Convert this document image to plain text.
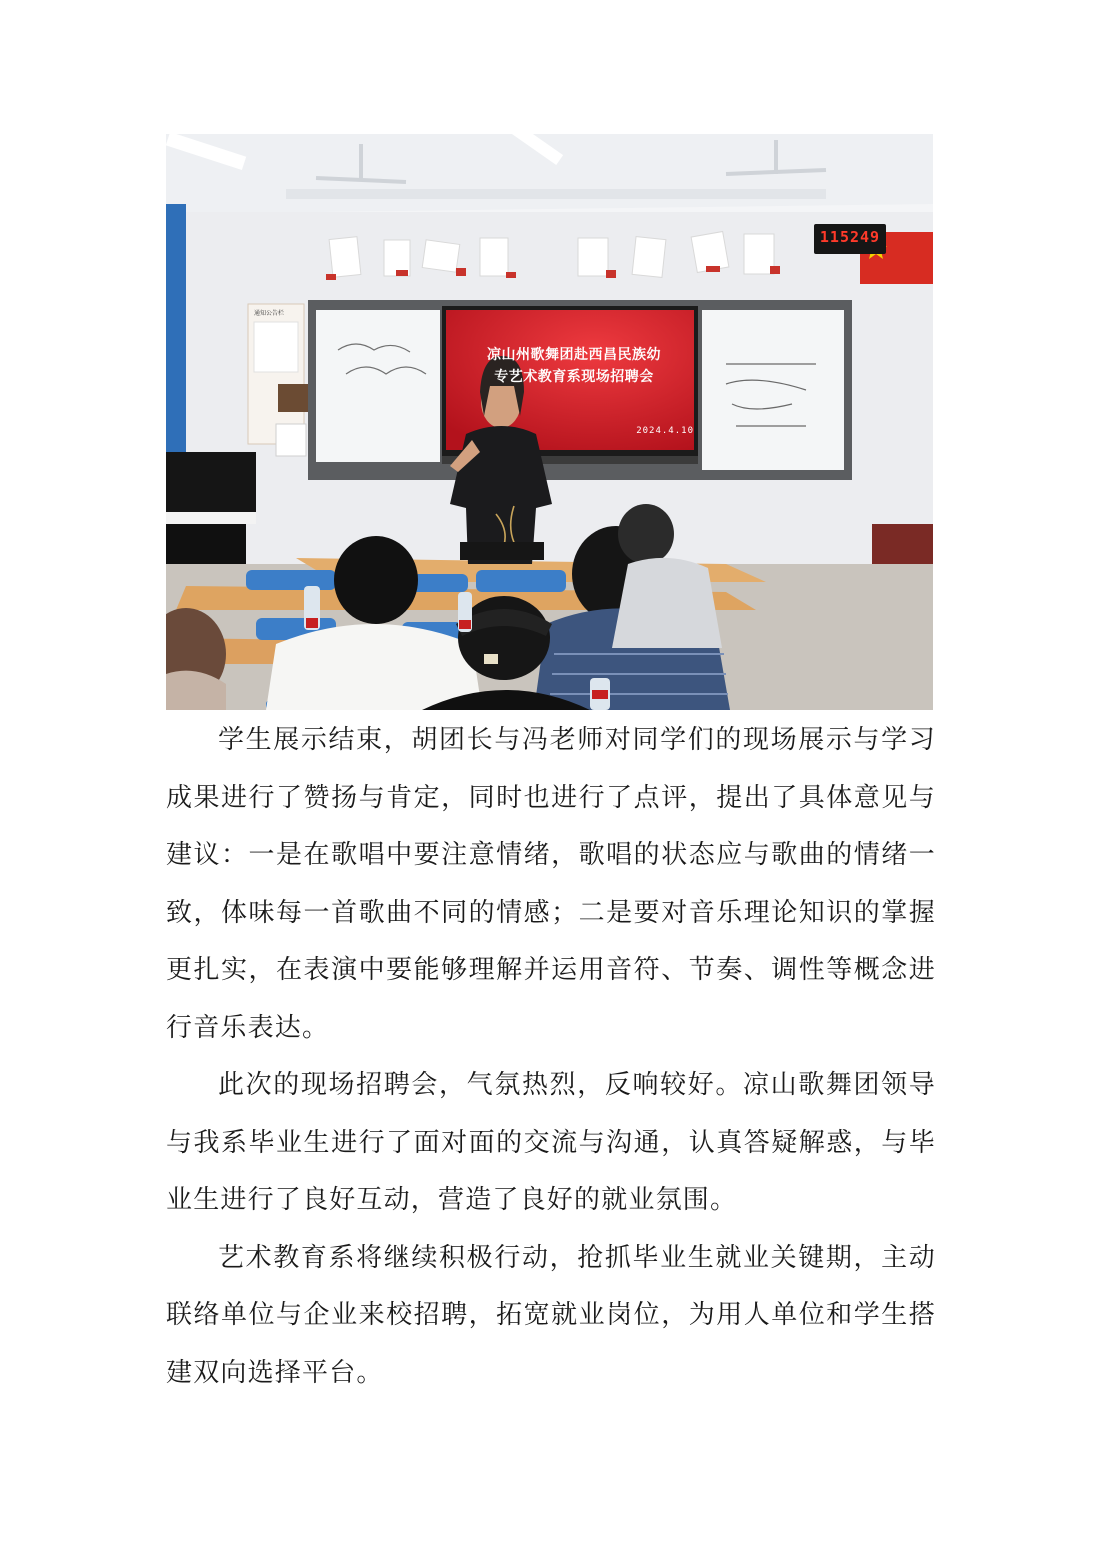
凉山州歌舞团赴西昌民族幼
专艺术教育系现场招聘会
2024.4.10
115249
通知公告栏

学生展示结束，胡团长与冯老师对同学们的现场展示与学习成果进行了赞扬与肯定，同时也进行了点评，提出了具体意见与建议：一是在歌唱中要注意情绪，歌唱的状态应与歌曲的情绪一致，体味每一首歌曲不同的情感；二是要对音乐理论知识的掌握更扎实，在表演中要能够理解并运用音符、节奏、调性等概念进行音乐表达。

此次的现场招聘会，气氛热烈，反响较好。凉山歌舞团领导与我系毕业生进行了面对面的交流与沟通，认真答疑解惑，与毕业生进行了良好互动，营造了良好的就业氛围。

艺术教育系将继续积极行动，抢抓毕业生就业关键期，主动联络单位与企业来校招聘，拓宽就业岗位，为用人单位和学生搭建双向选择平台。
